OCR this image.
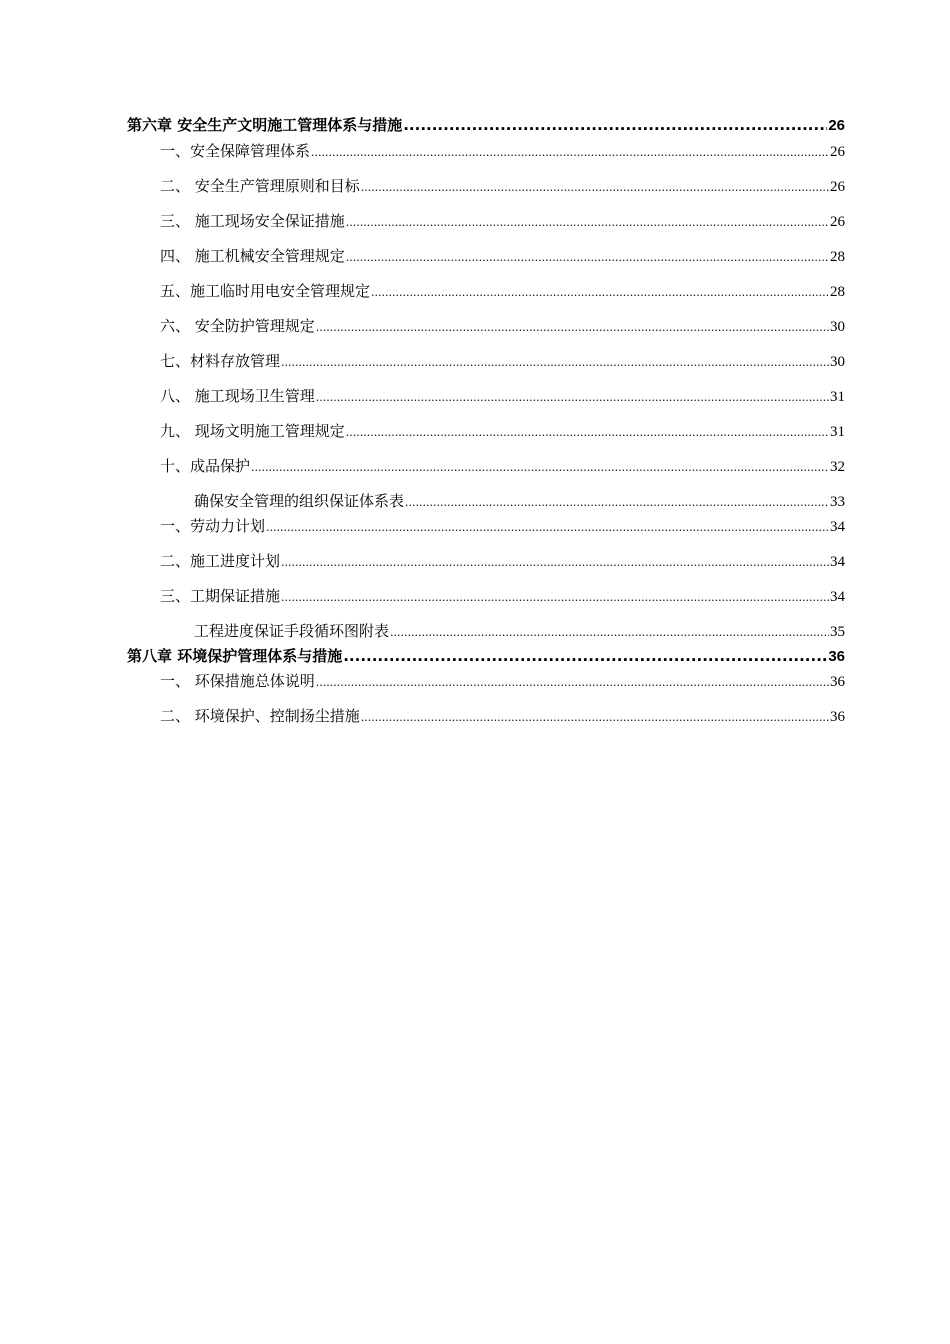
第六章 安全生产文明施工管理体系与措施 .....	26
一、安全保障管理体系 .....	26
二、 安全生产管理原则和目标 .....	26
三、 施工现场安全保证措施 .....	26
四、 施工机械安全管理规定 .....	28
五、施工临时用电安全管理规定 .....	28
六、 安全防护管理规定 .....	30
七、材料存放管理 .....	30
八、 施工现场卫生管理 .....	31
九、 现场文明施工管理规定 .....	31
十、成品保护 .....	32
确保安全管理的组织保证体系表 .....	33
一、劳动力计划 .....	34
二、施工进度计划 .....	34
三、工期保证措施 .....	34
工程进度保证手段循环图附表 .....	35
第八章 环境保护管理体系与措施 .....	36
一、 环保措施总体说明 .....	36
二、 环境保护、控制扬尘措施 .....	36
